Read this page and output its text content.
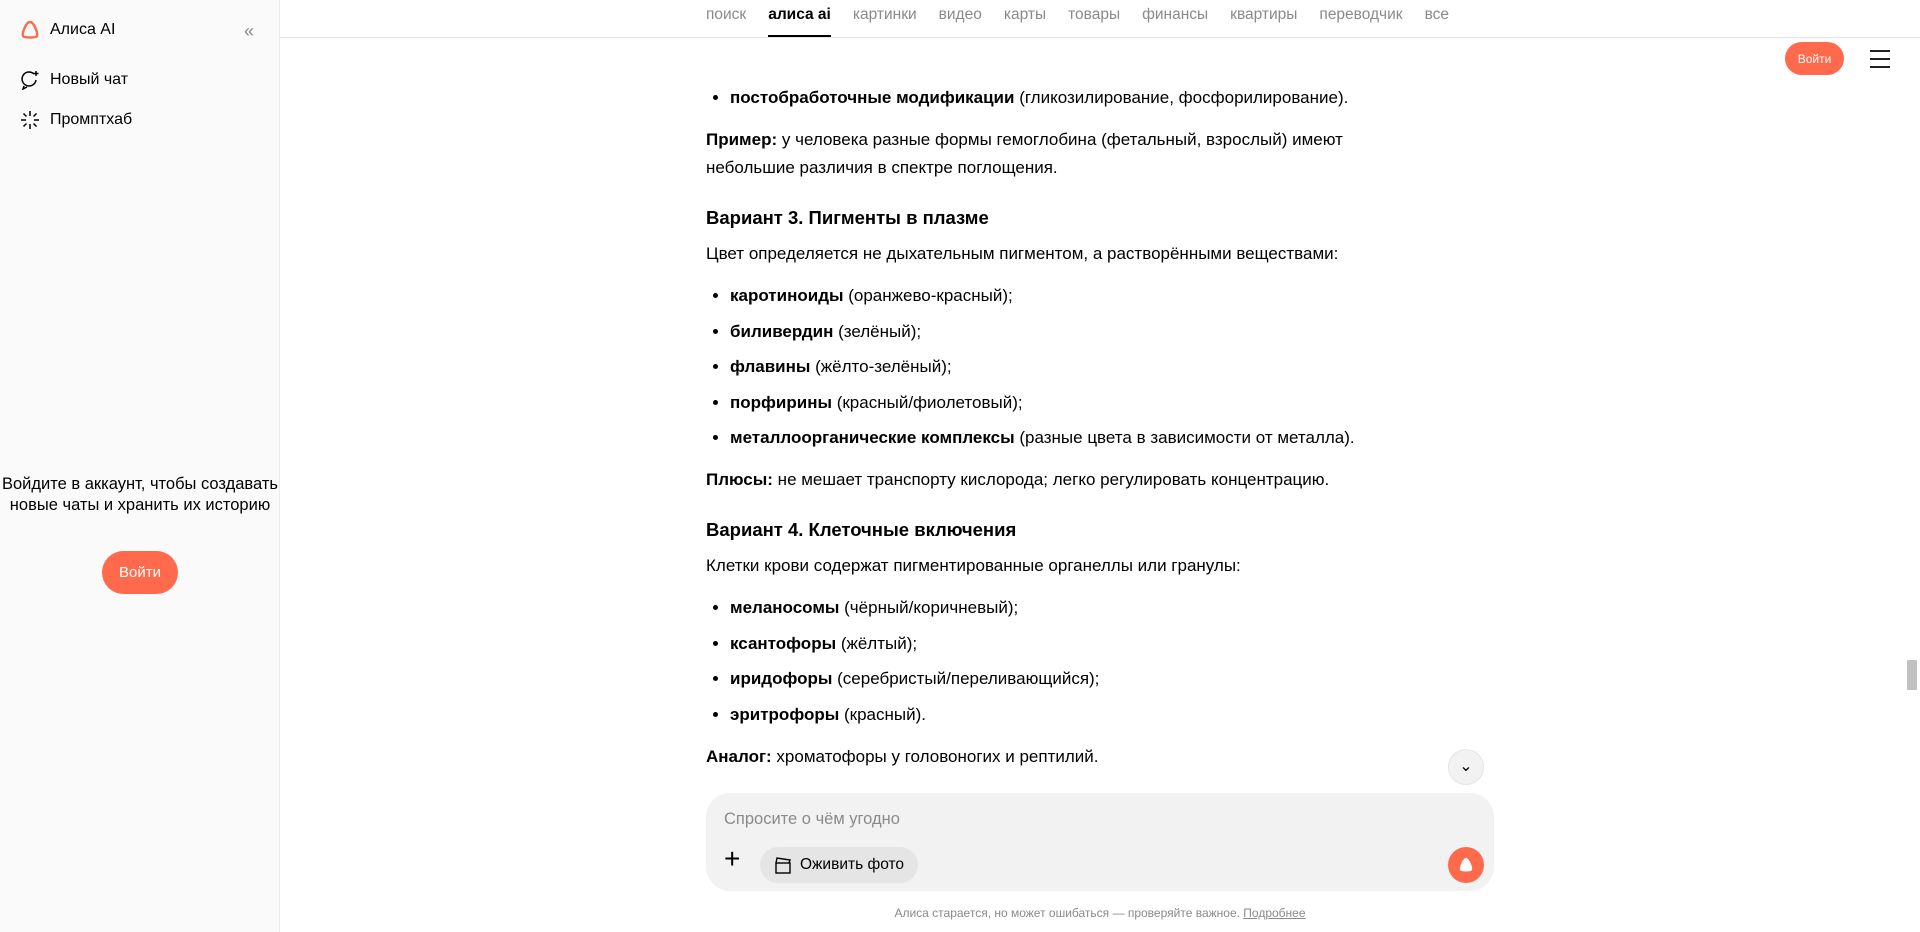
Алиса AI	«
Новый чат
Промптхаб
Войдите в аккаунт, чтобы создавать новые чаты и хранить их историю
Войти
поиск алиса ai картинки видео карты товары финансы квартиры переводчик все
Войти
• постобработочные модификации (гликозилирование, фосфорилирование).

Пример: у человека разные формы гемоглобина (фетальный, взрослый) имеют небольшие различия в спектре поглощения.

Вариант 3. Пигменты в плазме

Цвет определяется не дыхательным пигментом, а растворёнными веществами:

• каротиноиды (оранжево-красный);
• биливердин (зелёный);
• флавины (жёлто-зелёный);
• порфирины (красный/фиолетовый);
• металлоорганические комплексы (разные цвета в зависимости от металла).

Плюсы: не мешает транспорту кислорода; легко регулировать концентрацию.

Вариант 4. Клеточные включения

Клетки крови содержат пигментированные органеллы или гранулы:

• меланосомы (чёрный/коричневый);
• ксантофоры (жёлтый);
• иридофоры (серебристый/переливающийся);
• эритрофоры (красный).

Аналог: хроматофоры у головоногих и рептилий.

⌄
Спросите о чём угодно
+	Оживить фото
Алиса старается, но может ошибаться — проверяйте важное. Подробнее
